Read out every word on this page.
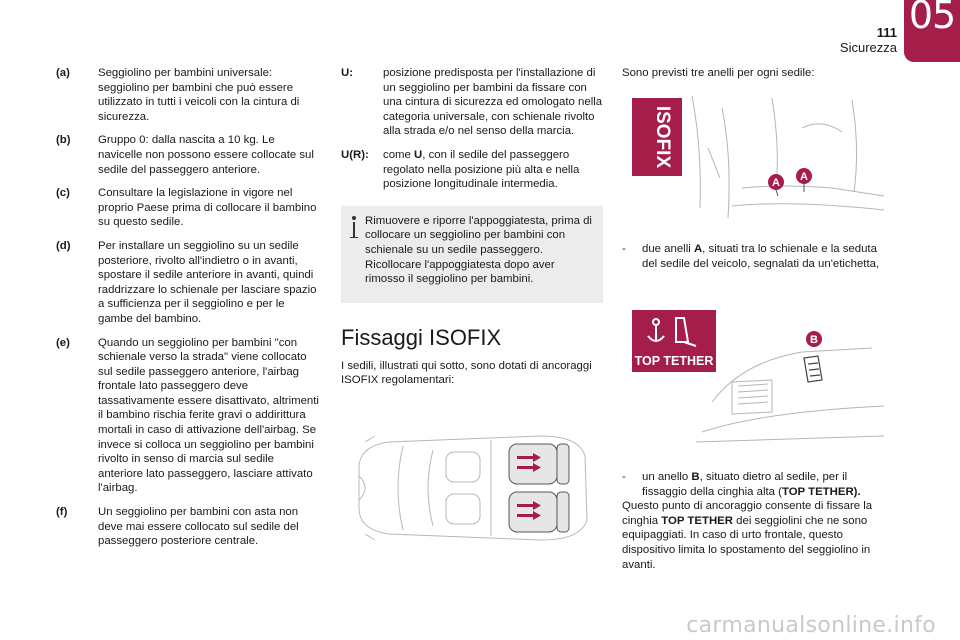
111
Sicurezza
05
(a)	Seggiolino per bambini universale: seggiolino per bambini che può essere utilizzato in tutti i veicoli con la cintura di sicurezza.
(b)	Gruppo 0: dalla nascita a 10 kg. Le navicelle non possono essere collocate sul sedile del passeggero anteriore.
(c)	Consultare la legislazione in vigore nel proprio Paese prima di collocare il bambino su questo sedile.
(d)	Per installare un seggiolino su un sedile posteriore, rivolto all'indietro o in avanti, spostare il sedile anteriore in avanti, quindi raddrizzare lo schienale per lasciare spazio a sufficienza per il seggiolino e per le gambe del bambino.
(e)	Quando un seggiolino per bambini "con schienale verso la strada" viene collocato sul sedile passeggero anteriore, l'airbag frontale lato passeggero deve tassativamente essere disattivato, altrimenti il bambino rischia ferite gravi o addirittura mortali in caso di attivazione dell'airbag. Se invece si colloca un seggiolino per bambini rivolto in senso di marcia sul sedile anteriore lato passeggero, lasciare attivato l'airbag.
(f)	Un seggiolino per bambini con asta non deve mai essere collocato sul sedile del passeggero posteriore centrale.
U:	posizione predisposta per l'installazione di un seggiolino per bambini da fissare con una cintura di sicurezza ed omologato nella categoria universale, con schienale rivolto alla strada e/o nel senso della marcia.
U(R):	come U, con il sedile del passeggero regolato nella posizione più alta e nella posizione longitudinale intermedia.
Rimuovere e riporre l'appoggiatesta, prima di collocare un seggiolino per bambini con schienale su un sedile passeggero. Ricollocare l'appoggiatesta dopo aver rimosso il seggiolino per bambini.
Fissaggi ISOFIX
I sedili, illustrati qui sotto, sono dotati di ancoraggi ISOFIX regolamentari:
Sono previsti tre anelli per ogni sedile:
ISOFIX
A A
-	due anelli A, situati tra lo schienale e la seduta del sedile del veicolo, segnalati da un'etichetta,
TOP TETHER
B
-	un anello B, situato dietro al sedile, per il fissaggio della cinghia alta (TOP TETHER).
Questo punto di ancoraggio consente di fissare la cinghia TOP TETHER dei seggiolini che ne sono equipaggiati. In caso di urto frontale, questo dispositivo limita lo spostamento del seggiolino in avanti.
carmanualsonline.info
